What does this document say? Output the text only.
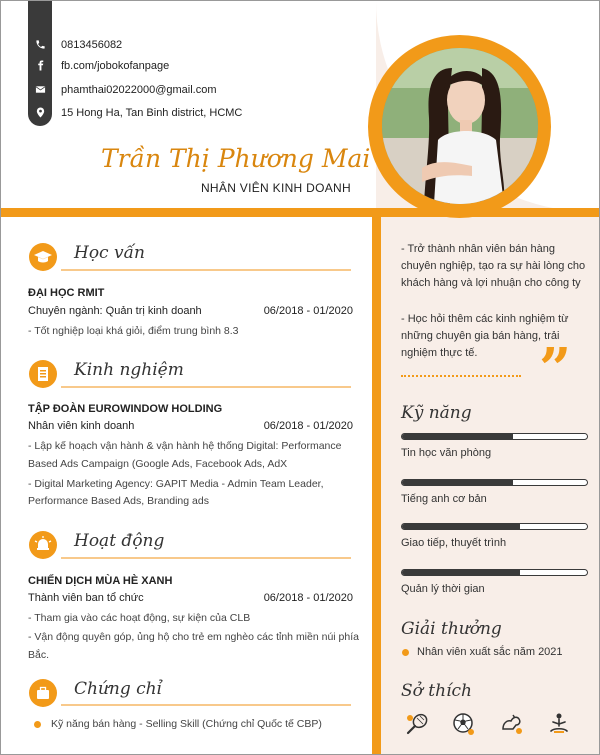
0813456082
fb.com/jobokofanpage
phamthai02022000@gmail.com
15 Hong Ha, Tan Binh district, HCMC
Trần Thị Phương Mai
NHÂN VIÊN KINH DOANH
Học vấn
ĐẠI HỌC RMIT
Chuyên ngành: Quản trị kinh doanh	06/2018 - 01/2020
- Tốt nghiệp loại khá giỏi, điểm trung bình 8.3
Kinh nghiệm
TẬP ĐOÀN EUROWINDOW HOLDING
Nhân viên kinh doanh	06/2018 - 01/2020
- Lập kế hoạch vận hành & vận hành hệ thống Digital: Performance
Based Ads Campaign (Google Ads, Facebook Ads, AdX
- Digital Marketing Agency: GAPIT Media - Admin Team Leader,
Performance Based Ads, Branding ads
Hoạt động
CHIẾN DỊCH MÙA HÈ XANH
Thành viên ban tổ chức	06/2018 - 01/2020
- Tham gia vào các hoạt động, sự kiện của CLB
- Vận động quyên góp, ủng hộ cho trẻ em nghèo các tỉnh miền núi phía
Bắc.
Chứng chỉ
Kỹ năng bán hàng - Selling Skill (Chứng chỉ Quốc tế CBP)
- Trở thành nhân viên bán hàng chuyên nghiệp, tạo ra sự hài lòng cho khách hàng và lợi nhuận cho công ty
- Học hỏi thêm các kinh nghiệm từ những chuyên gia bán hàng, trải nghiệm thực tế.	”
Kỹ năng
Tin học văn phòng
Tiếng anh cơ bản
Giao tiếp, thuyết trình
Quản lý thời gian
Giải thưởng
Nhân viên xuất sắc năm 2021
Sở thích
